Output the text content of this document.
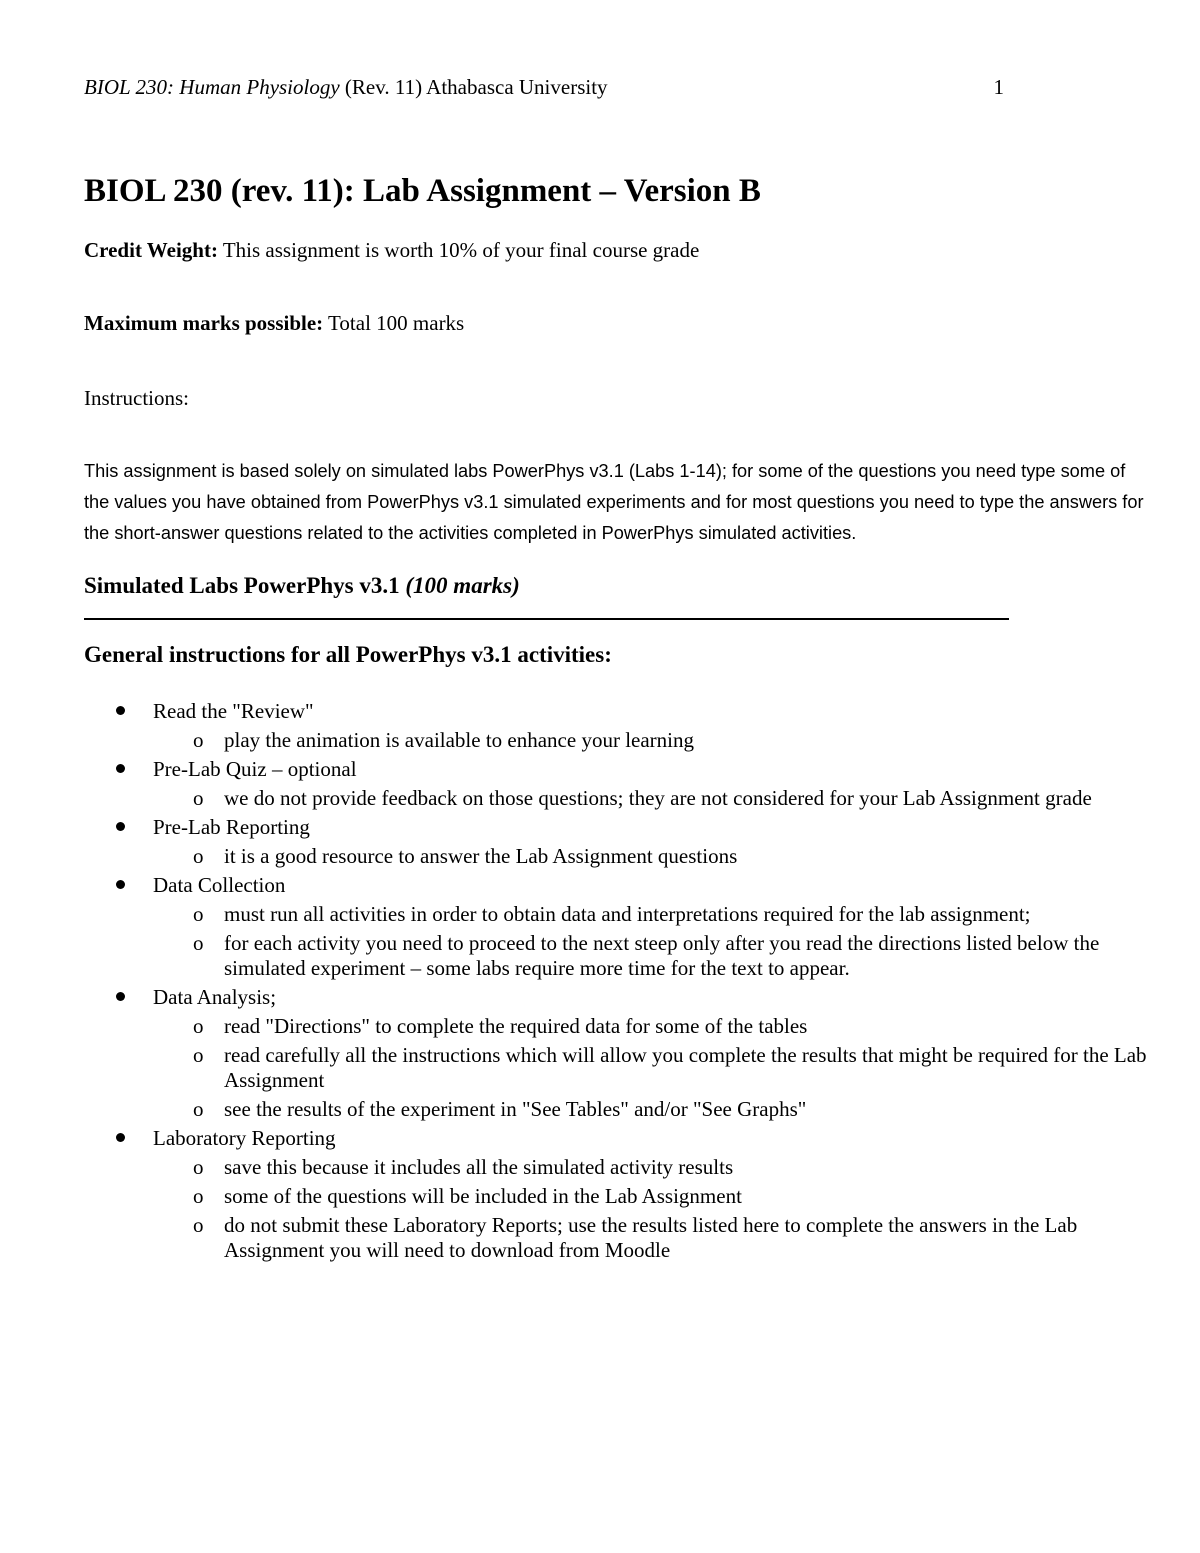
BIOL 230: Human Physiology (Rev. 11) Athabasca University	1
BIOL 230 (rev. 11): Lab Assignment – Version B

Credit Weight: This assignment is worth 10% of your final course grade

Maximum marks possible: Total 100 marks

Instructions:

This assignment is based solely on simulated labs PowerPhys v3.1 (Labs 1-14); for some of the questions you need type some of the values you have obtained from PowerPhys v3.1 simulated experiments and for most questions you need to type the answers for the short-answer questions related to the activities completed in PowerPhys simulated activities.

Simulated Labs PowerPhys v3.1 (100 marks)
General instructions for all PowerPhys v3.1 activities:
Read the "Review"
o play the animation is available to enhance your learning
Pre-Lab Quiz – optional
o we do not provide feedback on those questions; they are not considered for your Lab Assignment grade
Pre-Lab Reporting
o it is a good resource to answer the Lab Assignment questions
Data Collection
o must run all activities in order to obtain data and interpretations required for the lab assignment;
o for each activity you need to proceed to the next steep only after you read the directions listed below the simulated experiment – some labs require more time for the text to appear.
Data Analysis;
o read "Directions" to complete the required data for some of the tables
o read carefully all the instructions which will allow you complete the results that might be required for the Lab Assignment
o see the results of the experiment in "See Tables" and/or "See Graphs"
Laboratory Reporting
o save this because it includes all the simulated activity results
o some of the questions will be included in the Lab Assignment
o do not submit these Laboratory Reports; use the results listed here to complete the answers in the Lab Assignment you will need to download from Moodle
